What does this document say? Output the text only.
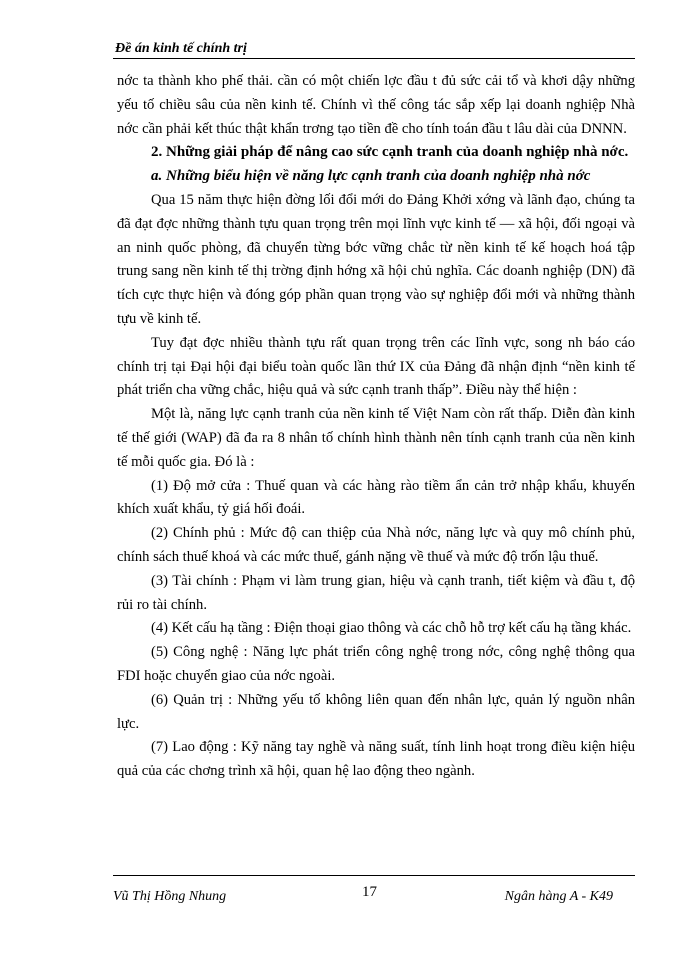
Đề án kinh tế chính trị

nớc ta thành kho phế thải. cần có một chiến lợc đầu t đủ sức cải tổ và khơi dậy những yếu tố chiều sâu của nền kinh tế. Chính vì thế công tác sắp xếp lại doanh nghiệp Nhà nớc cần phải kết thúc thật khẩn trơng tạo tiền đề cho tính toán đầu t lâu dài của DNNN.

2. Những giải pháp để nâng cao sức cạnh tranh của doanh nghiệp nhà nớc.

a. Những biểu hiện về năng lực cạnh tranh của doanh nghiệp nhà nớc

Qua 15 năm thực hiện đờng lối đổi mới do Đảng Khởi xớng và lãnh đạo, chúng ta đã đạt đợc những thành tựu quan trọng trên mọi lĩnh vực kinh tế — xã hội, đối ngoại và an ninh quốc phòng, đã chuyển từng bớc vững chắc từ nền kinh tế kế hoạch hoá tập trung sang nền kinh tế thị trờng định hớng xã hội chủ nghĩa. Các doanh nghiệp (DN) đã tích cực thực hiện và đóng góp phần quan trọng vào sự nghiệp đổi mới và những thành tựu về kinh tế.

Tuy đạt đợc nhiều thành tựu rất quan trọng trên các lĩnh vực, song nh báo cáo chính trị tại Đại hội đại biểu toàn quốc lần thứ IX của Đảng đã nhận định “nền kinh tế phát triển cha vững chắc, hiệu quả và sức cạnh tranh thấp”. Điều này thể hiện :

Một là, năng lực cạnh tranh của nền kinh tế Việt Nam còn rất thấp. Diễn đàn kinh tế thế giới (WAP) đã đa ra 8 nhân tố chính hình thành nên tính cạnh tranh của nền kinh tế mỗi quốc gia. Đó là :

(1) Độ mở cửa : Thuế quan và các hàng rào tiềm ẩn cản trở nhập khẩu, khuyến khích xuất khẩu, tỷ giá hối đoái.

(2) Chính phủ : Mức độ can thiệp của Nhà nớc, năng lực và quy mô chính phủ, chính sách thuế khoá và các mức thuế, gánh nặng về thuế và mức độ trốn lậu thuế.

(3) Tài chính : Phạm vi làm trung gian, hiệu và cạnh tranh, tiết kiệm và đầu t, độ rủi ro tài chính.

(4) Kết cấu hạ tầng : Điện thoại giao thông và các chỗ hỗ trợ kết cấu hạ tầng khác.

(5) Công nghệ : Năng lực phát triển công nghệ trong nớc, công nghệ thông qua FDI hoặc chuyển giao của nớc ngoài.

(6) Quản trị : Những yếu tố không liên quan đến nhân lực, quản lý nguồn nhân lực.

(7) Lao động : Kỹ năng tay nghề và năng suất, tính linh hoạt trong điều kiện hiệu quả của các chơng trình xã hội, quan hệ lao động theo ngành.

Vũ Thị Hồng Nhung	17	Ngân hàng A - K49
